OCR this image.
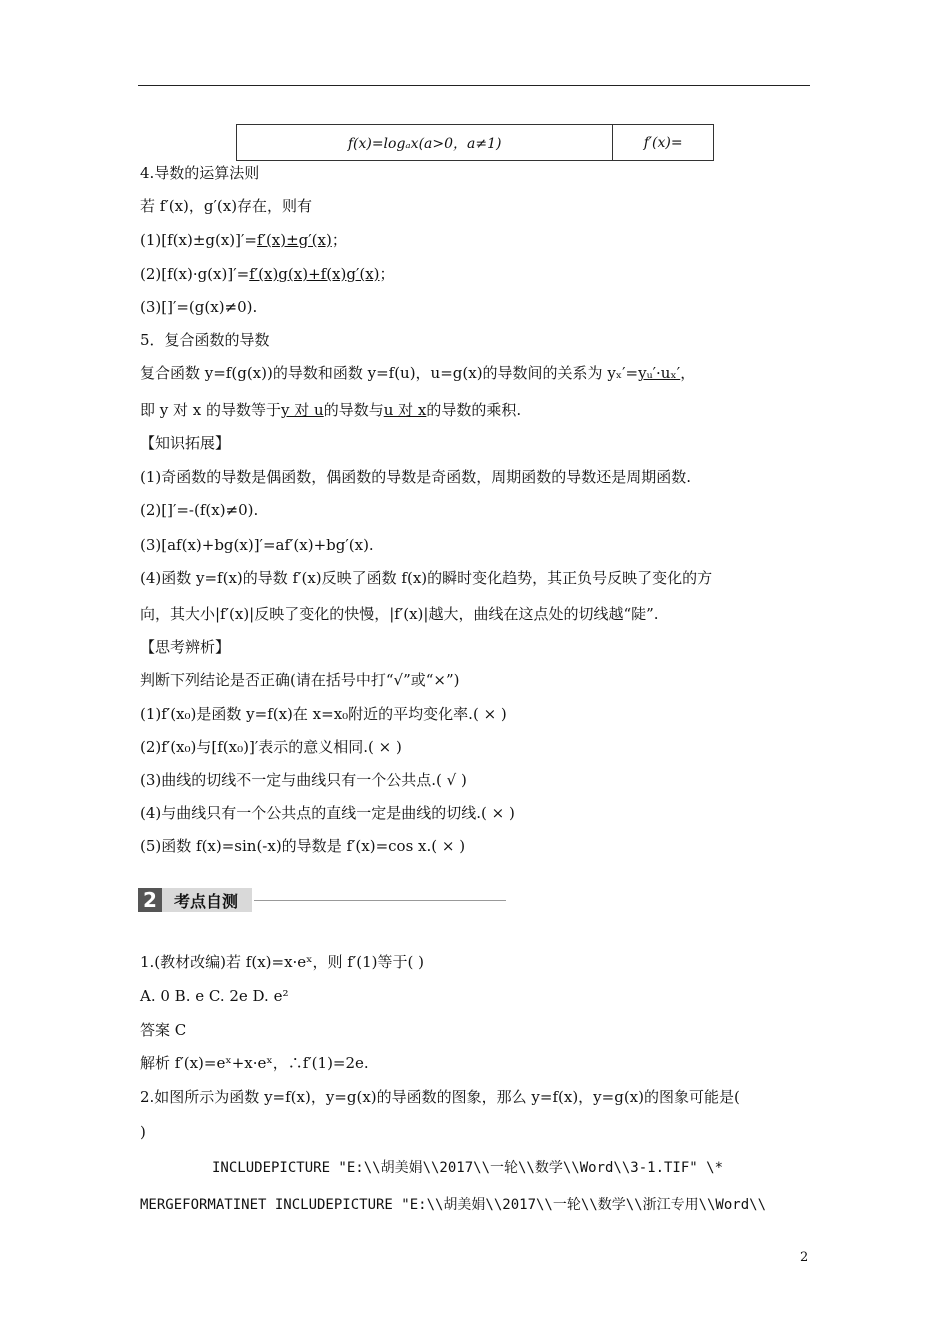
f(x)=logₐx(a>0，a≠1)	f′(x)=
4.导数的运算法则
若 f′(x)，g′(x)存在，则有
(1)[f(x)±g(x)]′=f′(x)±g′(x)；
(2)[f(x)·g(x)]′=f′(x)g(x)+f(x)g′(x)；
(3)[]′=(g(x)≠0).
5．复合函数的导数
复合函数 y=f(g(x))的导数和函数 y=f(u)，u=g(x)的导数间的关系为 yₓ′=yᵤ′·uₓ′，
即 y 对 x 的导数等于y 对 u的导数与u 对 x的导数的乘积.
【知识拓展】
(1)奇函数的导数是偶函数，偶函数的导数是奇函数，周期函数的导数还是周期函数.
(2)[]′=-(f(x)≠0).
(3)[af(x)+bg(x)]′=af′(x)+bg′(x).
(4)函数 y=f(x)的导数 f′(x)反映了函数 f(x)的瞬时变化趋势，其正负号反映了变化的方
向，其大小|f′(x)|反映了变化的快慢，|f′(x)|越大，曲线在这点处的切线越“陡”.
【思考辨析】
判断下列结论是否正确(请在括号中打“√”或“×”)
(1)f′(x₀)是函数 y=f(x)在 x=x₀附近的平均变化率.( × )
(2)f′(x₀)与[f(x₀)]′表示的意义相同.( × )
(3)曲线的切线不一定与曲线只有一个公共点.( √ )
(4)与曲线只有一个公共点的直线一定是曲线的切线.( × )
(5)函数 f(x)=sin(-x)的导数是 f′(x)=cos x.( × )
2	考点自测
1.(教材改编)若 f(x)=x·eˣ，则 f′(1)等于( )
A. 0 B. e C. 2e D. e²
答案 C
解析 f′(x)=eˣ+x·eˣ，∴f′(1)=2e.
2.如图所示为函数 y=f(x)，y=g(x)的导函数的图象，那么 y=f(x)，y=g(x)的图象可能是(
)
INCLUDEPICTURE "E:\\胡美娟\\2017\\一轮\\数学\\Word\\3-1.TIF" \*
MERGEFORMATINET INCLUDEPICTURE "E:\\胡美娟\\2017\\一轮\\数学\\浙江专用\\Word\\
2
